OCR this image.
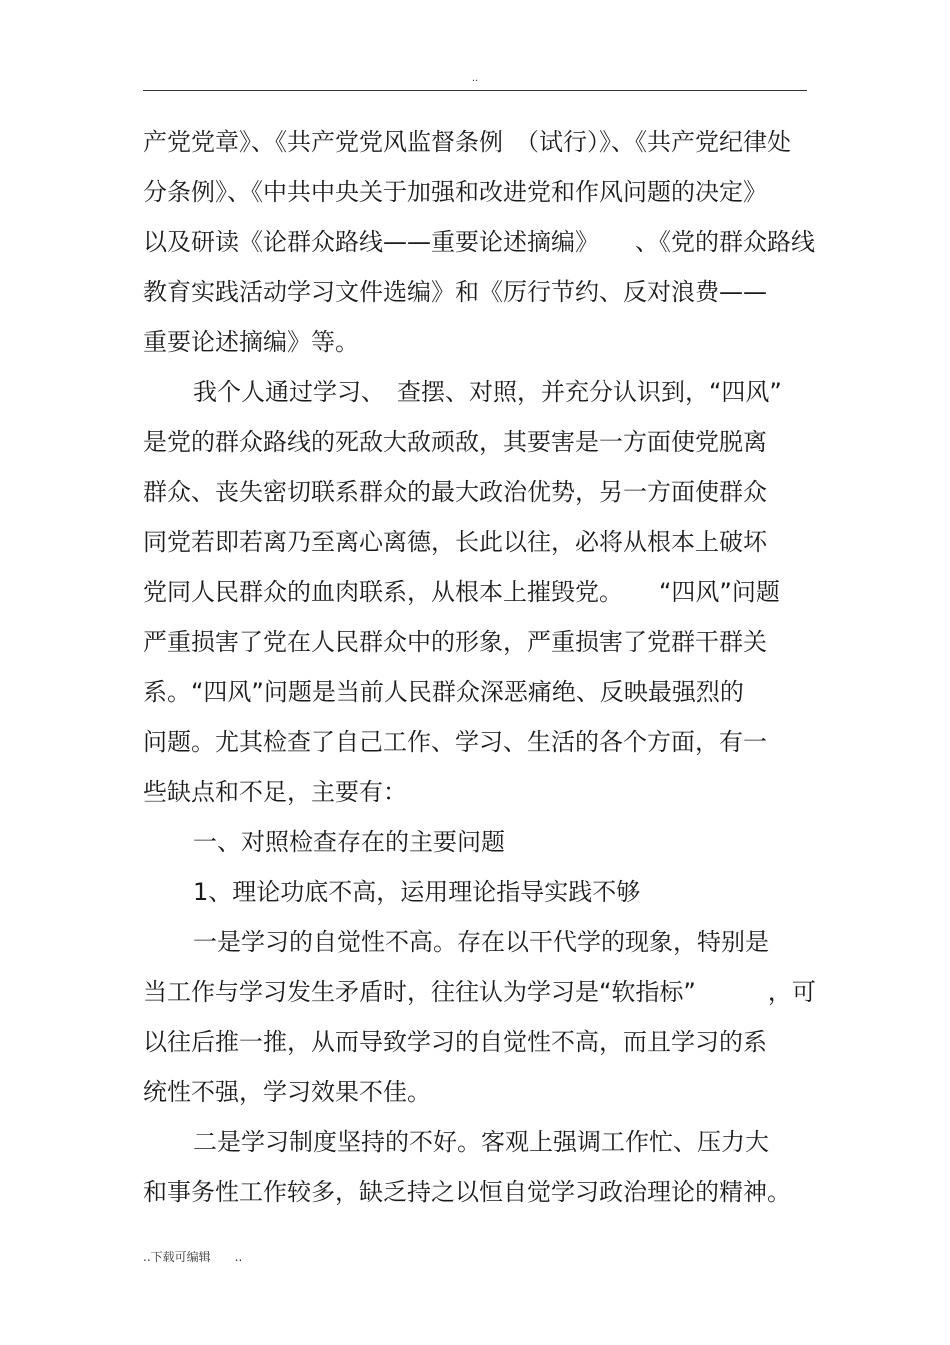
..
产党党章》、《共产党党风监督条例　（试行）》、《共产党纪律处
分条例》、《中共中央关于加强和改进党和作风问题的决定》
以及研读《论群众路线——重要论述摘编》　　、《党的群众路线
教育实践活动学习文件选编》和《厉行节约、反对浪费——
重要论述摘编》等。
我个人通过学习、　查摆、对照，并充分认识到，“四风”
是党的群众路线的死敌大敌顽敌，其要害是一方面使党脱离
群众、丧失密切联系群众的最大政治优势，另一方面使群众
同党若即若离乃至离心离德，长此以往，必将从根本上破坏
党同人民群众的血肉联系，从根本上摧毁党。　　“四风”问题
严重损害了党在人民群众中的形象，严重损害了党群干群关
系。“四风”问题是当前人民群众深恶痛绝、反映最强烈的
问题。尤其检查了自己工作、学习、生活的各个方面，有一
些缺点和不足，主要有：
一、对照检查存在的主要问题
1、理论功底不高，运用理论指导实践不够
一是学习的自觉性不高。存在以干代学的现象，特别是
当工作与学习发生矛盾时，往往认为学习是“软指标”　　　，可
以往后推一推，从而导致学习的自觉性不高，而且学习的系
统性不强，学习效果不佳。
二是学习制度坚持的不好。客观上强调工作忙、压力大
和事务性工作较多，缺乏持之以恒自觉学习政治理论的精神。
..下载可编辑　　..
